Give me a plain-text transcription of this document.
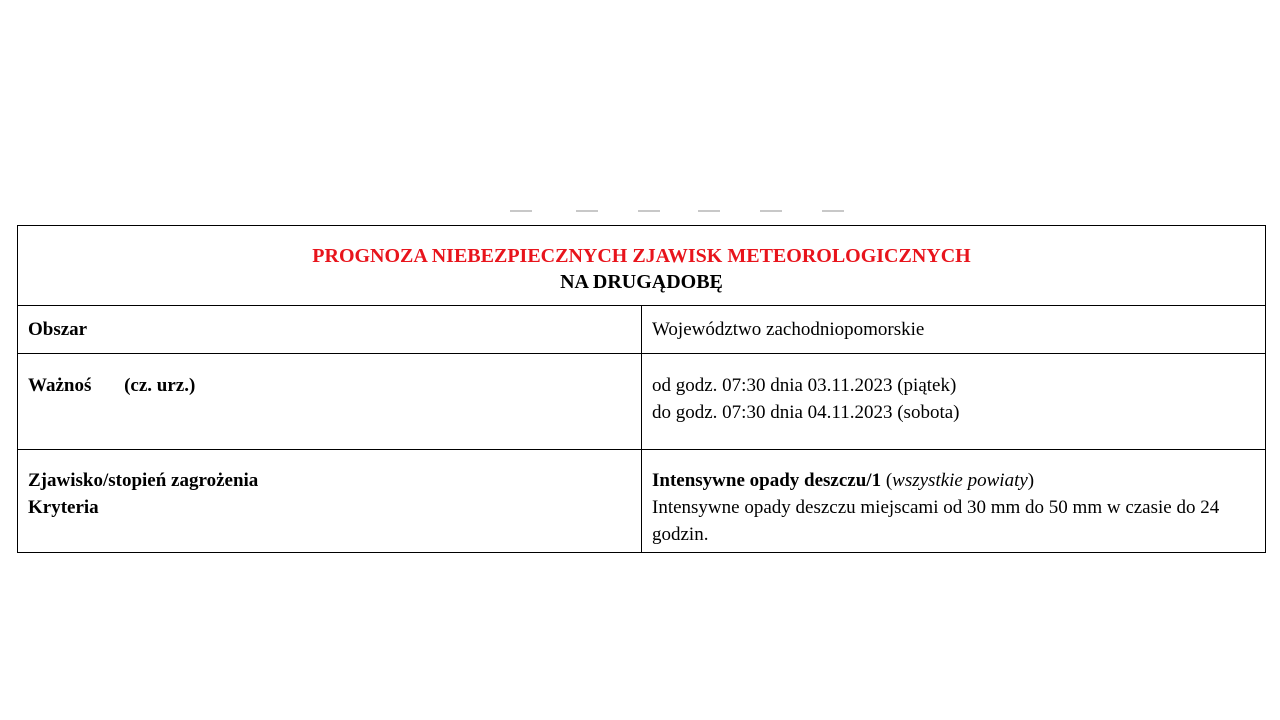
PROGNOZA NIEBEZPIECZNYCH ZJAWISK METEOROLOGICZNYCH
NA DRUGĄDOBĘ	

Obszar	Województwo zachodniopomorskie

Ważnoś (cz. urz.)	od godz. 07:30 dnia 03.11.2023 (piątek)
do godz. 07:30 dnia 04.11.2023 (sobota)

Zjawisko/stopień zagrożenia
Kryteria	Intensywne opady deszczu/1 (wszystkie powiaty)
Intensywne opady deszczu miejscami od 30 mm do 50 mm w czasie do 24 godzin.
